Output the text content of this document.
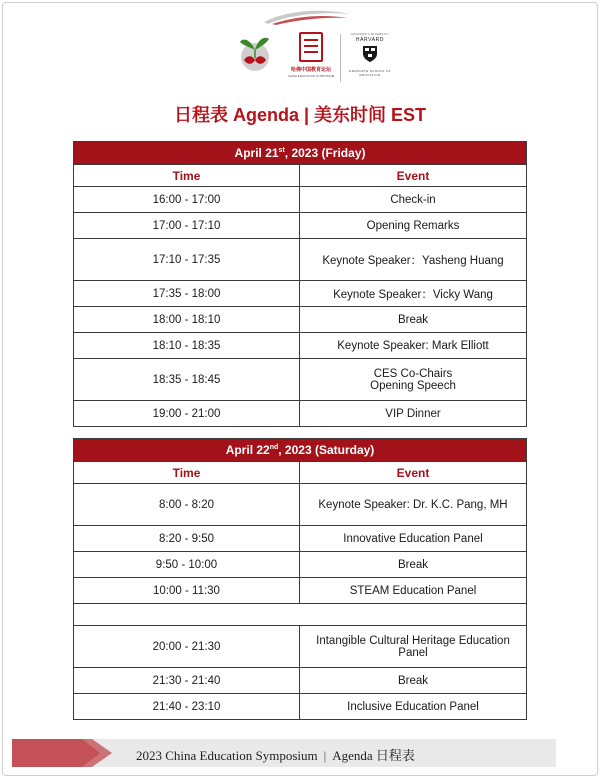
哈佛中国教育论坛
CHINA EDUCATION SYMPOSIUM
HARVARD UNIVERSITY
HARVARD
GRADUATE SCHOOL OF EDUCATION
日程表 Agenda | 美东时间 EST
April 21st, 2023 (Friday)	
Time	Event
16:00 - 17:00	Check-in
17:00 - 17:10	Opening Remarks
17:10 - 17:35	Keynote Speaker：Yasheng Huang
17:35 - 18:00	Keynote Speaker：Vicky Wang
18:00 - 18:10	Break
18:10 - 18:35	Keynote Speaker: Mark Elliott
18:35 - 18:45	CES Co-Chairs Opening Speech
19:00 - 21:00	VIP Dinner
April 22nd, 2023 (Saturday)	
Time	Event
8:00 - 8:20	Keynote Speaker: Dr. K.C. Pang, MH
8:20 - 9:50	Innovative Education Panel
9:50 - 10:00	Break
10:00 - 11:30	STEAM Education Panel

20:00 - 21:30	Intangible Cultural Heritage Education Panel
21:30 - 21:40	Break
21:40 - 23:10	Inclusive Education Panel
2023 China Education Symposium | Agenda 日程表
